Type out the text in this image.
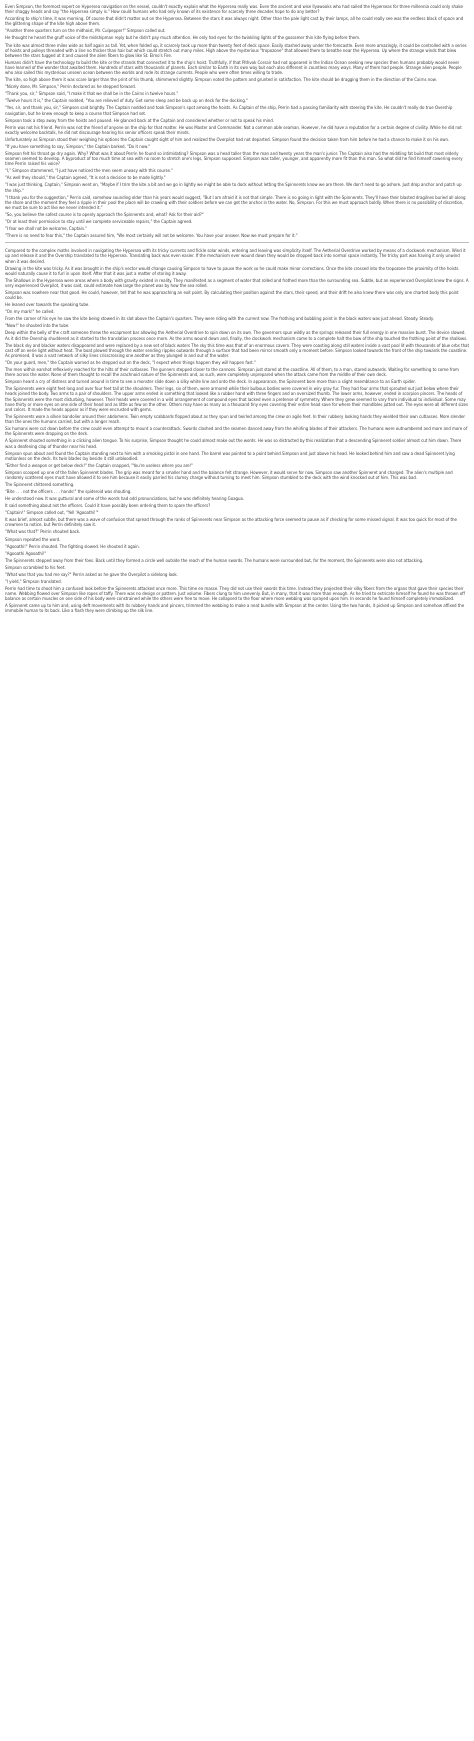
Even Simpson, the foremost expert on Hypersea navigation on the vessel, couldn't exactly explain what the Hypersea really was. Even the ancient and wise Ilyawooks who had sailed the Hyperseas for three millennia could only shake their shaggy heads and say "the Hypersea simply is." How could humans who had only known of its existence for scarcely three decades hope to do any better?

According to ship's time, it was morning. Of course that didn't matter out on the Hypersea. Between the stars it was always night. Other than the pale light cast by their lamps, all he could really see was the endless black of space and the glittering shape of the kite high above them.

"Another three quarters turn on the midhoist, Mr. Culpepper!" Simpson called out.

He thought he heard the gruff voice of the midshipman reply but he didn't pay much attention. He only had eyes for the twinkling lights of the gossamer thin kite flying before them.

The kite was almost three miles wide as half again as tall. Yet, when folded up, it scarcely took up more than twenty feet of deck space. Easily stashed away under the forecastle. Even more amazingly, it could be controlled with a series of hoists and pulleys threaded with a line no thicker than hair but which could stretch out many miles. High above the mysterious "tropozone" that allowed them to breathe near the Hypersea. Up where the strange winds that blew between the stars tugged at it and caused the alien fibers to glow like St. Elmo's Fire.

Humans didn't have the technology to build the kite or the strands that connected it to the ship's hoist. Truthfully, if that Pithvok Corsair had not appeared in the Indian Ocean seeking new species then humans probably would never have learned of the wonder that awaited them. Hundreds of stars with thousands of planets. Each similar to Earth in its own way but each also different in countless many ways. Many of them had people. Strange alien people. People who also sailed this mysterious unseen ocean between the worlds and rode its strange currents. People who were often times willing to trade.

The kite, so high above them it was scare larger than the print of his thumb, shimmered slightly. Simpson noted the pattern and grunted in satisfaction. The kite should be dragging them in the direction of the Cairns now.

"Nicely done, Mr. Simpson," Perrin declared as he stepped forward.

"Thank you, sir," Simpson said, "I make it that we shall be in the Cairns in twelve hours."

"Twelve hours it is," the Captain nodded, "You are relieved of duty. Get some sleep and be back up on deck for the docking."

"Yes, sir, and thank you, sir," Simpson said brightly. The Captain nodded and took Simpson's spot among the hoists. As Captain of the ship, Perrin had a passing familiarity with steering the kite. He couldn't really do true Overship navigation, but he knew enough to keep a course that Simpson had set.

Simpson took a step away from the hoists and paused. He glanced back at the Captain and considered whether or not to speak his mind.

Perrin was not his friend. Perrin was not the friend of anyone on the ship for that matter. He was Master and Commander. Not a common able seaman. However, he did have a reputation for a certain degree of civility. While he did not exactly welcome backtalk, he did not discourage hearing his senior officers speak their minds.

Unfortunately as Simpson stood their weighing his options the Captain caught sight of him and realized the Overpilot had not departed. Simpson found the decision taken from him before he had a chance to make it on his own.

"If you have something to say, Simpson," the Captain barked, "Do it now."

Simpson felt his throat go dry again. Why? What was it about Perrin he found so intimidating? Simpson was a head taller than the man and twenty years the man's junior. The Captain also had the middling fat build that most elderly seamen seemed to develop. A byproduct of too much time at sea with no room to stretch one's legs, Simpson supposed. Simpson was taller, younger, and apparently more fit than this man. So what did he find himself cowering every time Perrin raised his voice?

"I," Simpson stammered, "I just have noticed the men seem uneasy with this course."

"As well they should," the Captain agreed, "It is not a decision to be made lightly."

"I was just thinking, Captain," Simpson went on, "Maybe if I trim the kite a bit and we go in lightly we might be able to dock without letting the Spinnerets know we are there. We don't need to go ashore. Just drop anchor and patch up the ship."

"I thank you for the suggestion," Perrin said, somehow sounding older than his years would suggest, "But I am afraid it is not that simple. There is no going in light with the Spinnerets. They'll have their blasted dragilnes buried all along the shore and the moment they feel a ripple in their pool the place will be crawling with their soldiers before we can get the anchor in the water. No, Simpson. For this we must approach boldly. When there is no possibility of discretion, we must be sure to act like we never intended it."

"So, you believe the safest course is to openly approach the Spinnerets and, what? Ask for their aid?"

"Or at least their permission to stay until we complete serviceable repairs," the Captain agreed.

"I fear we shall not be welcome, Captain."

"There is no need to fear this," the Captain assured him, "We most certainly will not be welcome. You have your answer. Now we must prepare for it."

Compared to the complex maths involved in navigating the Hypersea with its tricky currents and fickle solar winds, entering and leaving was simplicity itself. The Aetherial Overdrive worked by means of a clockwork mechanism. Wind it up and release it and the Overship translated to the Hypersea. Translating back was even easier. If the mechanism ever wound down they would be dropped back into normal space instantly. The tricky part was having it only unwind when it was desired.

Drawing in the kite was tricky. As it was brought in the ship's vector would change causing Simpson to have to pause the work so he could make minor corrections. Once the kite crossed into the tropozone the proximity of the hoists would naturally cause it to furl in upon itself. After that it was just a matter of storing it away.

The Shallows in the Hypersea were areas where a body with gravity existed in reality. They manifested as a segment of water that rolled and frothed more than the surrounding sea. Subtle, but an experienced Overpilot knew the signs. A very experienced Overpilot, it was said, could estimate how large the planet was by how the sea rolled.

Simpson was nowhere near that good. He could, however, tell that he was approaching an exit point. By calculating their position against the stars, their speed, and their drift he also knew there was only one charted body this point could be.

He leaned over towards the speaking tube.

"On my mark!" he called.

From the corner of his eye he saw the kite being stowed in its slot above the Captain's quarters. They were riding with the current now. The frothing and bubbling point in the black waters was just ahead. Steady. Steady.

"Now!" he shouted into the tube.

Deep within the belly of the craft someone threw the escapment bar allowing the Aetherial Overdrive to spin down on its own. The governors spun wildly as the springs released their full energy in one massive burst. The device slowed. As it did the Overship shuddered as it started to the translation process once more. As the arms wound down and, finally, the clockwork mechanism came to a complete halt the bow of the ship touched the frothing point of the shallows.

The black sky and blacker waters disappeared and were replaced by a new set of black waters The sky this time was that of an enormous cavern. They were coasting along still waters inside a vast pool lit with thousands of blue orbs that cast off an eerie light without heat. The boat plowed through the water sending ripples outwards through a surface that had been mirror smooth only a moment before. Simpson looked towards the front of the ship towards the coastline. As promised, it was a vast network of silky lines crisscrossing one another as they plunged in and out of the water.

"On your guard, men," the Captain warned as he stepped out on the deck, "I expect when things happen they will happen fast."

The men within earshot reflexively reached for the hilts of their cutlasses. The gunners stepped closer to the cannons. Simpson just stared at the coastline. All of them, to a man, stared outwards. Waiting for something to come from there across the water. None of them thought to recall the arachnoid nature of the Spinnerets and, as such, were completely unprepared when the attack came from the middle of their own deck.

Simpson heard a cry of distress and turned around in time to see a monster slide down a silky white line and onto the deck. In appearance, the Spinneret bore more than a slight resemblance to an Earth spider.

The Spinnerets were eight feet long and over four feet tall at the shoulders. Their legs, six of them, were armored while their bulbous bodies were covered in wiry gray fur. They had four arms that sprouted out just below where their heads joined the body. Two arms to a pair of shoulders. The upper arms ended in something that looked like a rubber hand with three fingers and an oversized thumb. The lower arms, however, ended in scorpion pincers. The heads of the Spinnerets were the most disturbing, however. Their heads were covered in a wild arrangement of compound eyes that lacked even a pretense of symmetry. Where they grew seemed to vary from individual to individual. Some may have thirty or more eyes on one side of their head and as little as few on the other. Others may have as many as a thousand tiny eyes covering their entire head save for where their mandibles jutted out. The eyes were all different sizes and colors. It made the heads appear as if they were encrusted with gems.

The Spinnerets wore a silken bandolier around their abdomens. Twin empty scabbards flopped about as they spun and twirled among the crew on agile feet. In their rubbery looking hands they wielded their own cutlasses. More slender than the ones the humans carried, but with a longer reach.

Six humans were cut down before the crew could even attempt to mount a counterattack. Swords clashed and the seamen danced away from the whirling blades of their attackers. The humans were outnumbered and more and more of the Spinnerets were dropping on the deck.

A Spinneret shouted something in a clicking alien tongue. To his surprise, Simpson thought he could almost make out the words. He was so distracted by this realization that a descending Spinneret soldier almost cut him down. There was a deafening clap of thunder near his head.

Simpson spun about and found the Captain standing next to him with a smoking pistol in one hand. The barrel was pointed to a point behind Simpson and just above his head. He looked behind him and saw a dead Spinneret lying motionless on the deck. Its twin blades lay beside it still unbloodied.

"Either find a weapon or get below deck!" the Captain snapped, "You're useless where you are!"

Simpson scooped up one of the fallen Spinneret blades. The grip was meant for a smaller hand and the balance felt strange. However, it would serve for now. Simpson saw another Spinneret and charged. The alien's multiple and randomly scattered eyes must have allowed it to see him because it easily parried his clumsy charge without turning to meet him. Simpson stumbled to the deck with the wind knocked out of him. This was bad.

The Spinneret chittered something.

"Bite . . . not the officers . . . hands!" the spideroid was shouting.

He understood now. It was guttural and some of the words had odd pronunciations, but he was definitely hearing Goagua.

It said something about not the officers. Could it have possibly been ordering them to spare the officers?

"Captain!" Simpson called out, "Yell 'Agooathi!'"

It was brief, almost subtle, but there was a wave of confusion that spread through the ranks of Spinnerets near Simpson as the attacking force seemed to pause as if checking for some missed signal. It was too quick for most of the crewmen to notice, but Perrin definitely saw it.

"What was that?" Perrin shouted back.

Simpson repeated the word.

"Agooathi!" Perrin shouted. The fighting slowed. He shouted it again.

"Agooathi Agooathi!"

The Spinnerets stepped away from their foes. Back until they formed a circle well outside the reach of the human swords. The humans were surrounded but, for the moment, the Spinnerets were also not attacking.

Simpson scrambled to his feet.

"What was that you had me say?" Perrin asked as he gave the Overpilot a sidelong look.

"I yield," Simpson translated.

Perrin had time to shoot him a confused look before the Spinnerets attacked once more. This time en masse. They did not use their swords this time. Instead they projected their silky fibers from the organs that gave their species their name. Webbing flowed over Simpson like ropes of taffy. There was no design or pattern. Just volume. Fibers clung to him unevenly. But, in many, that it was more than enough. As he tried to extricate himself he found he was thrown off balance as certain muscles on one side of his body were constrained while the others were free to move. He collapsed to the floor where more webbing was sprayed upon him. In seconds he found himself completely immobilized.

A Spinneret came up to him and, using deft movements with its rubbery hands and pincers, trimmed the webbing to make a neat bundle with Simpson at the center. Using the two hands, it picked up Simpson and somehow affixed the immobile human to its back. Like a flash they were climbing up the silk line.
